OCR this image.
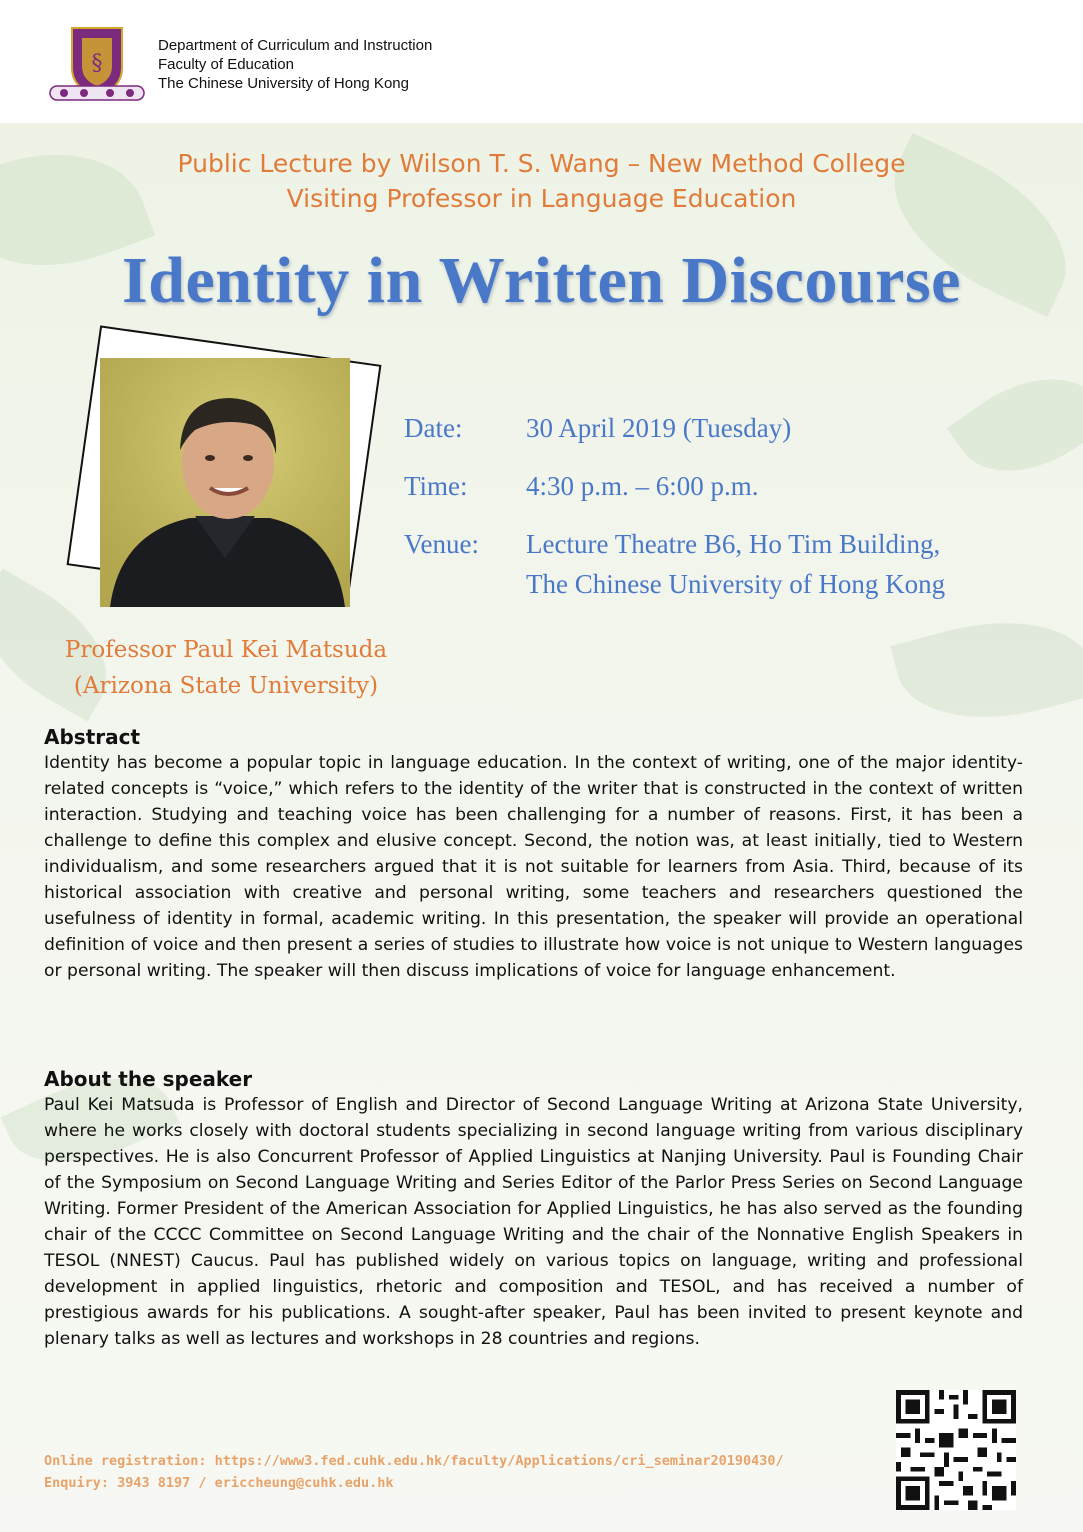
§
Department of Curriculum and Instruction
Faculty of Education
The Chinese University of Hong Kong
Public Lecture by Wilson T. S. Wang – New Method College
Visiting Professor in Language Education
Identity in Written Discourse
Professor Paul Kei Matsuda
(Arizona State University)
Date:	30 April 2019 (Tuesday)
Time:	4:30 p.m. – 6:00 p.m.
Venue:	Lecture Theatre B6, Ho Tim Building,
The Chinese University of Hong Kong
Abstract

Identity has become a popular topic in language education. In the context of writing, one of the major identity-related concepts is “voice,” which refers to the identity of the writer that is constructed in the context of written interaction. Studying and teaching voice has been challenging for a number of reasons. First, it has been a challenge to define this complex and elusive concept. Second, the notion was, at least initially, tied to Western individualism, and some researchers argued that it is not suitable for learners from Asia. Third, because of its historical association with creative and personal writing, some teachers and researchers questioned the usefulness of identity in formal, academic writing. In this presentation, the speaker will provide an operational definition of voice and then present a series of studies to illustrate how voice is not unique to Western languages or personal writing. The speaker will then discuss implications of voice for language enhancement.

About the speaker

Paul Kei Matsuda is Professor of English and Director of Second Language Writing at Arizona State University, where he works closely with doctoral students specializing in second language writing from various disciplinary perspectives. He is also Concurrent Professor of Applied Linguistics at Nanjing University. Paul is Founding Chair of the Symposium on Second Language Writing and Series Editor of the Parlor Press Series on Second Language Writing. Former President of the American Association for Applied Linguistics, he has also served as the founding chair of the CCCC Committee on Second Language Writing and the chair of the Nonnative English Speakers in TESOL (NNEST) Caucus. Paul has published widely on various topics on language, writing and professional development in applied linguistics, rhetoric and composition and TESOL, and has received a number of prestigious awards for his publications. A sought-after speaker, Paul has been invited to present keynote and plenary talks as well as lectures and workshops in 28 countries and regions.

Online registration: https://www3.fed.cuhk.edu.hk/faculty/Applications/cri_seminar20190430/
Enquiry: 3943 8197 / ericcheung@cuhk.edu.hk
